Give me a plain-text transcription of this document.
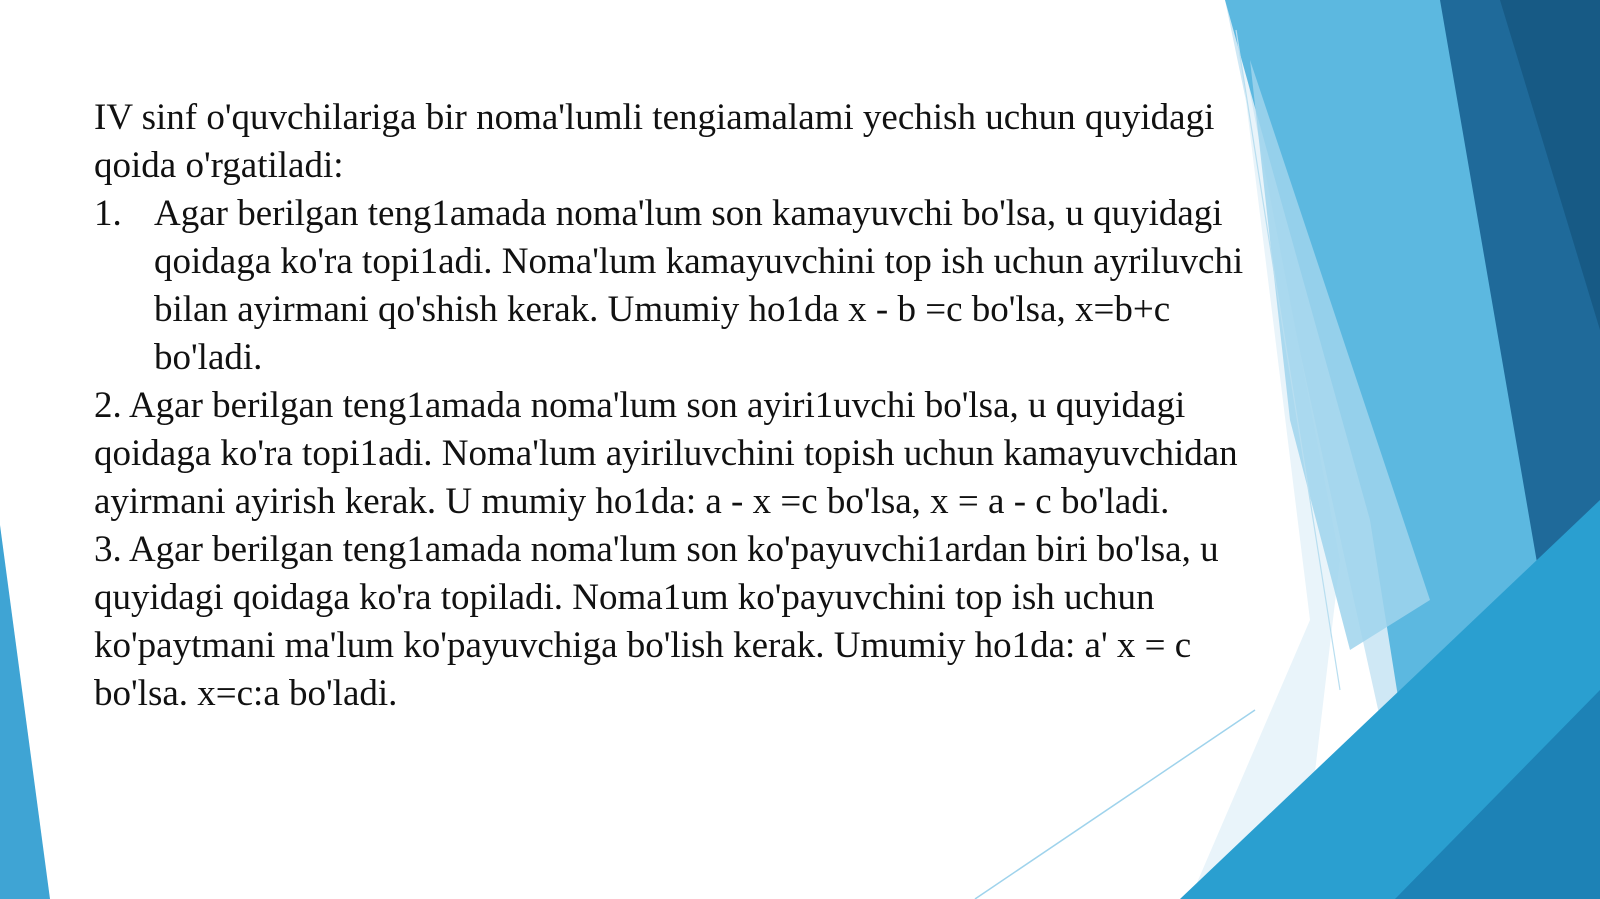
IV sinf o'quvchilariga bir noma'lumli tengiamalami yechish uchun quyidagi qoida o'rgatiladi:

1. Agar berilgan teng1amada noma'lum son kamayuvchi bo'lsa, u quyidagi qoidaga ko'ra topi1adi. Noma'lum kamayuvchini top ish uchun ayriluvchi bilan ayirmani qo'shish kerak. Umumiy ho1da x - b =c bo'lsa, x=b+c bo'ladi.

2. Agar berilgan teng1amada noma'lum son ayiri1uvchi bo'lsa, u quyidagi qoidaga ko'ra topi1adi. Noma'lum ayiriluvchini topish uchun kamayuvchidan ayirmani ayirish kerak. U mumiy ho1da: a - x =c bo'lsa, x = a - c bo'ladi.

3. Agar berilgan teng1amada noma'lum son ko'payuvchi1ardan biri bo'lsa, u quyidagi qoidaga ko'ra topiladi. Noma1um ko'payuvchini top ish uchun ko'paytmani ma'lum ko'payuvchiga bo'lish kerak. Umumiy ho1da: a' x = c bo'lsa. x=c:a bo'ladi.
